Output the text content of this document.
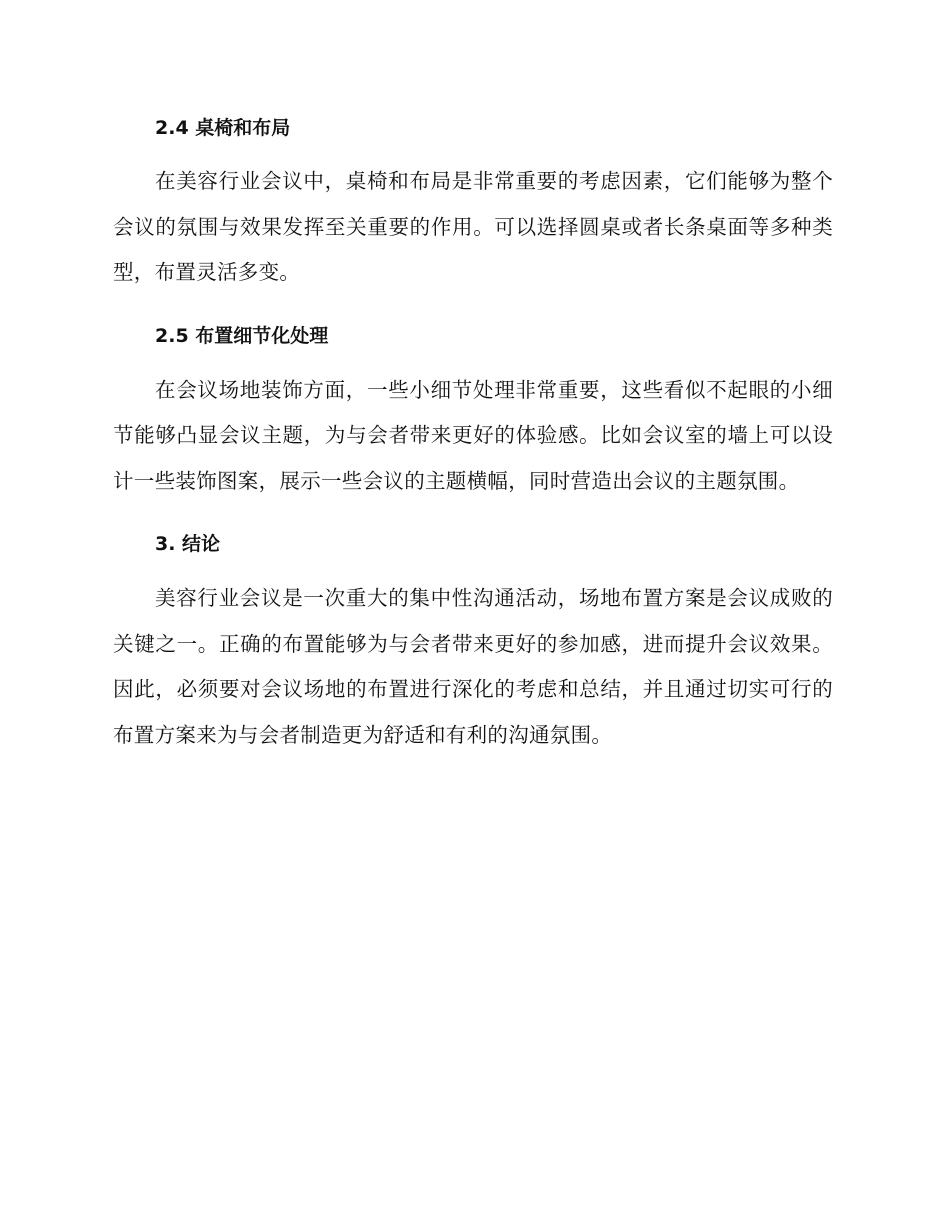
2.4 桌椅和布局

在美容行业会议中，桌椅和布局是非常重要的考虑因素，它们能够为整个会议的氛围与效果发挥至关重要的作用。可以选择圆桌或者长条桌面等多种类型，布置灵活多变。

2.5 布置细节化处理

在会议场地装饰方面，一些小细节处理非常重要，这些看似不起眼的小细节能够凸显会议主题，为与会者带来更好的体验感。比如会议室的墙上可以设计一些装饰图案，展示一些会议的主题横幅，同时营造出会议的主题氛围。

3. 结论

美容行业会议是一次重大的集中性沟通活动，场地布置方案是会议成败的关键之一。正确的布置能够为与会者带来更好的参加感，进而提升会议效果。因此，必须要对会议场地的布置进行深化的考虑和总结，并且通过切实可行的布置方案来为与会者制造更为舒适和有利的沟通氛围。
